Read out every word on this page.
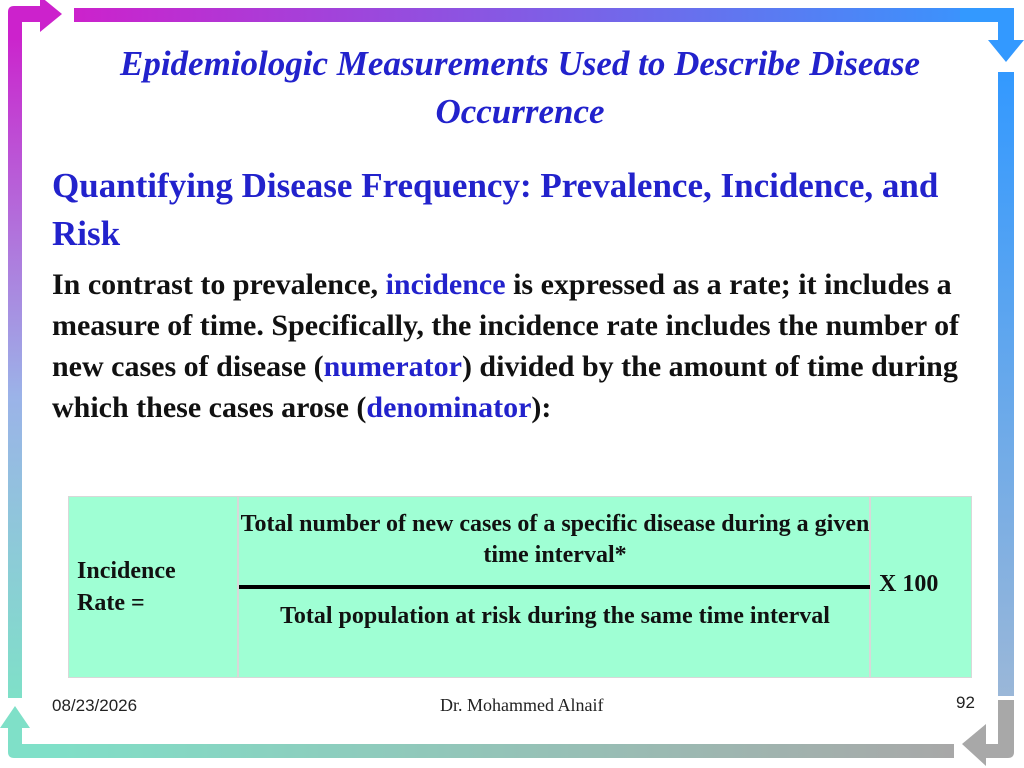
Epidemiologic Measurements Used to Describe Disease Occurrence
Quantifying Disease Frequency: Prevalence, Incidence, and Risk
In contrast to prevalence, incidence is expressed as a rate; it includes a measure of time. Specifically, the incidence rate includes the number of new cases of disease (numerator) divided by the amount of time during which these cases arose (denominator):
Incidence Rate =
Total number of new cases of a specific disease during a given time interval*
Total population at risk during the same time interval
X 100
08/23/2026	Dr. Mohammed Alnaif	92
